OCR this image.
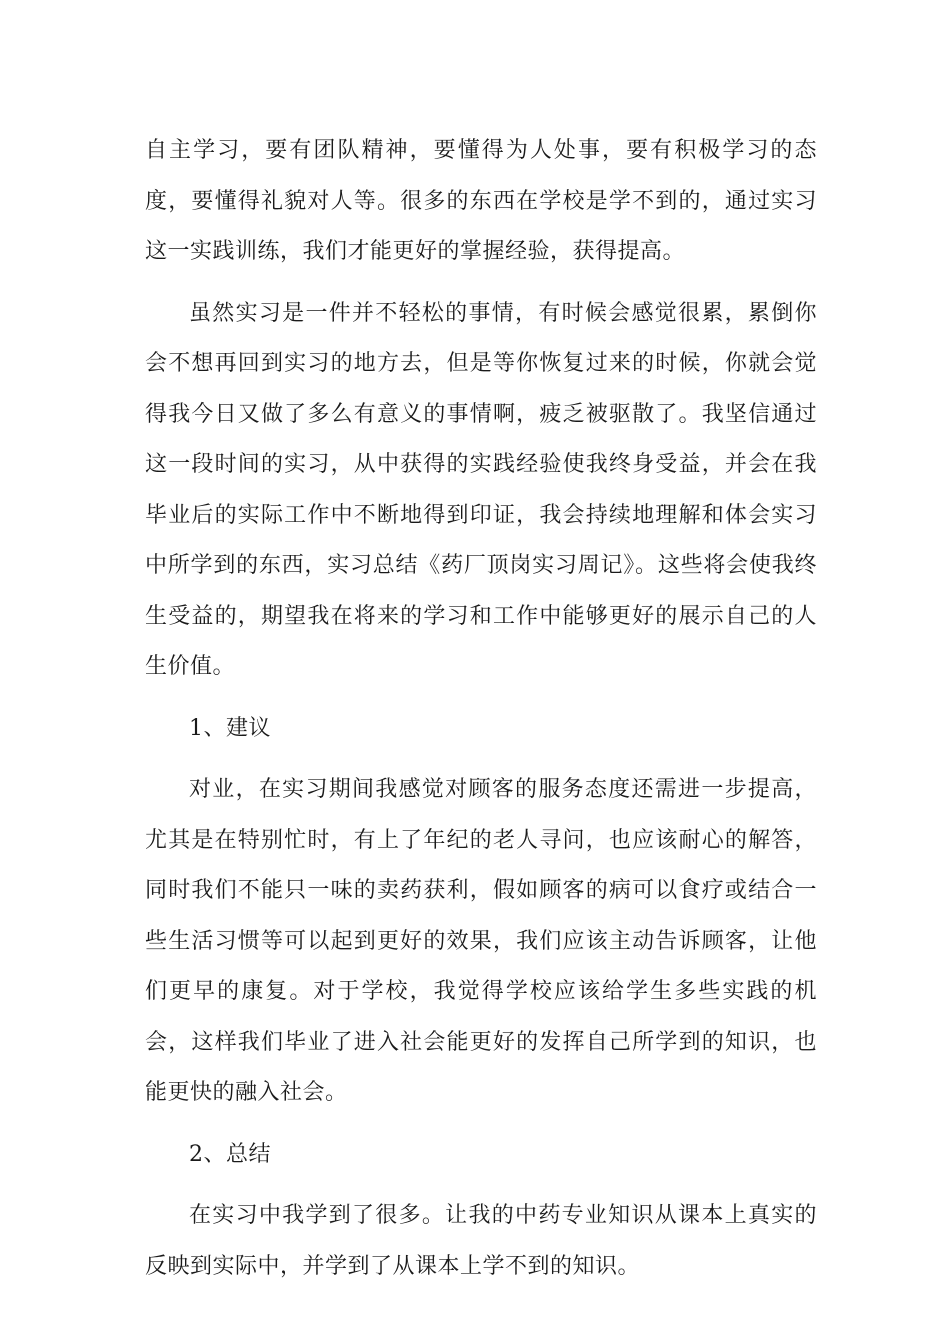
自主学习，要有团队精神，要懂得为人处事，要有积极学习的态度，要懂得礼貌对人等。很多的东西在学校是学不到的，通过实习这一实践训练，我们才能更好的掌握经验，获得提高。

虽然实习是一件并不轻松的事情，有时候会感觉很累，累倒你会不想再回到实习的地方去，但是等你恢复过来的时候，你就会觉得我今日又做了多么有意义的事情啊，疲乏被驱散了。我坚信通过这一段时间的实习，从中获得的实践经验使我终身受益，并会在我毕业后的实际工作中不断地得到印证，我会持续地理解和体会实习中所学到的东西，实习总结《药厂顶岗实习周记》。这些将会使我终生受益的，期望我在将来的学习和工作中能够更好的展示自己的人生价值。

1、建议

对业，在实习期间我感觉对顾客的服务态度还需进一步提高，尤其是在特别忙时，有上了年纪的老人寻问，也应该耐心的解答，同时我们不能只一味的卖药获利，假如顾客的病可以食疗或结合一些生活习惯等可以起到更好的效果，我们应该主动告诉顾客，让他们更早的康复。对于学校，我觉得学校应该给学生多些实践的机会，这样我们毕业了进入社会能更好的发挥自己所学到的知识，也能更快的融入社会。

2、总结

在实习中我学到了很多。让我的中药专业知识从课本上真实的反映到实际中，并学到了从课本上学不到的知识。
